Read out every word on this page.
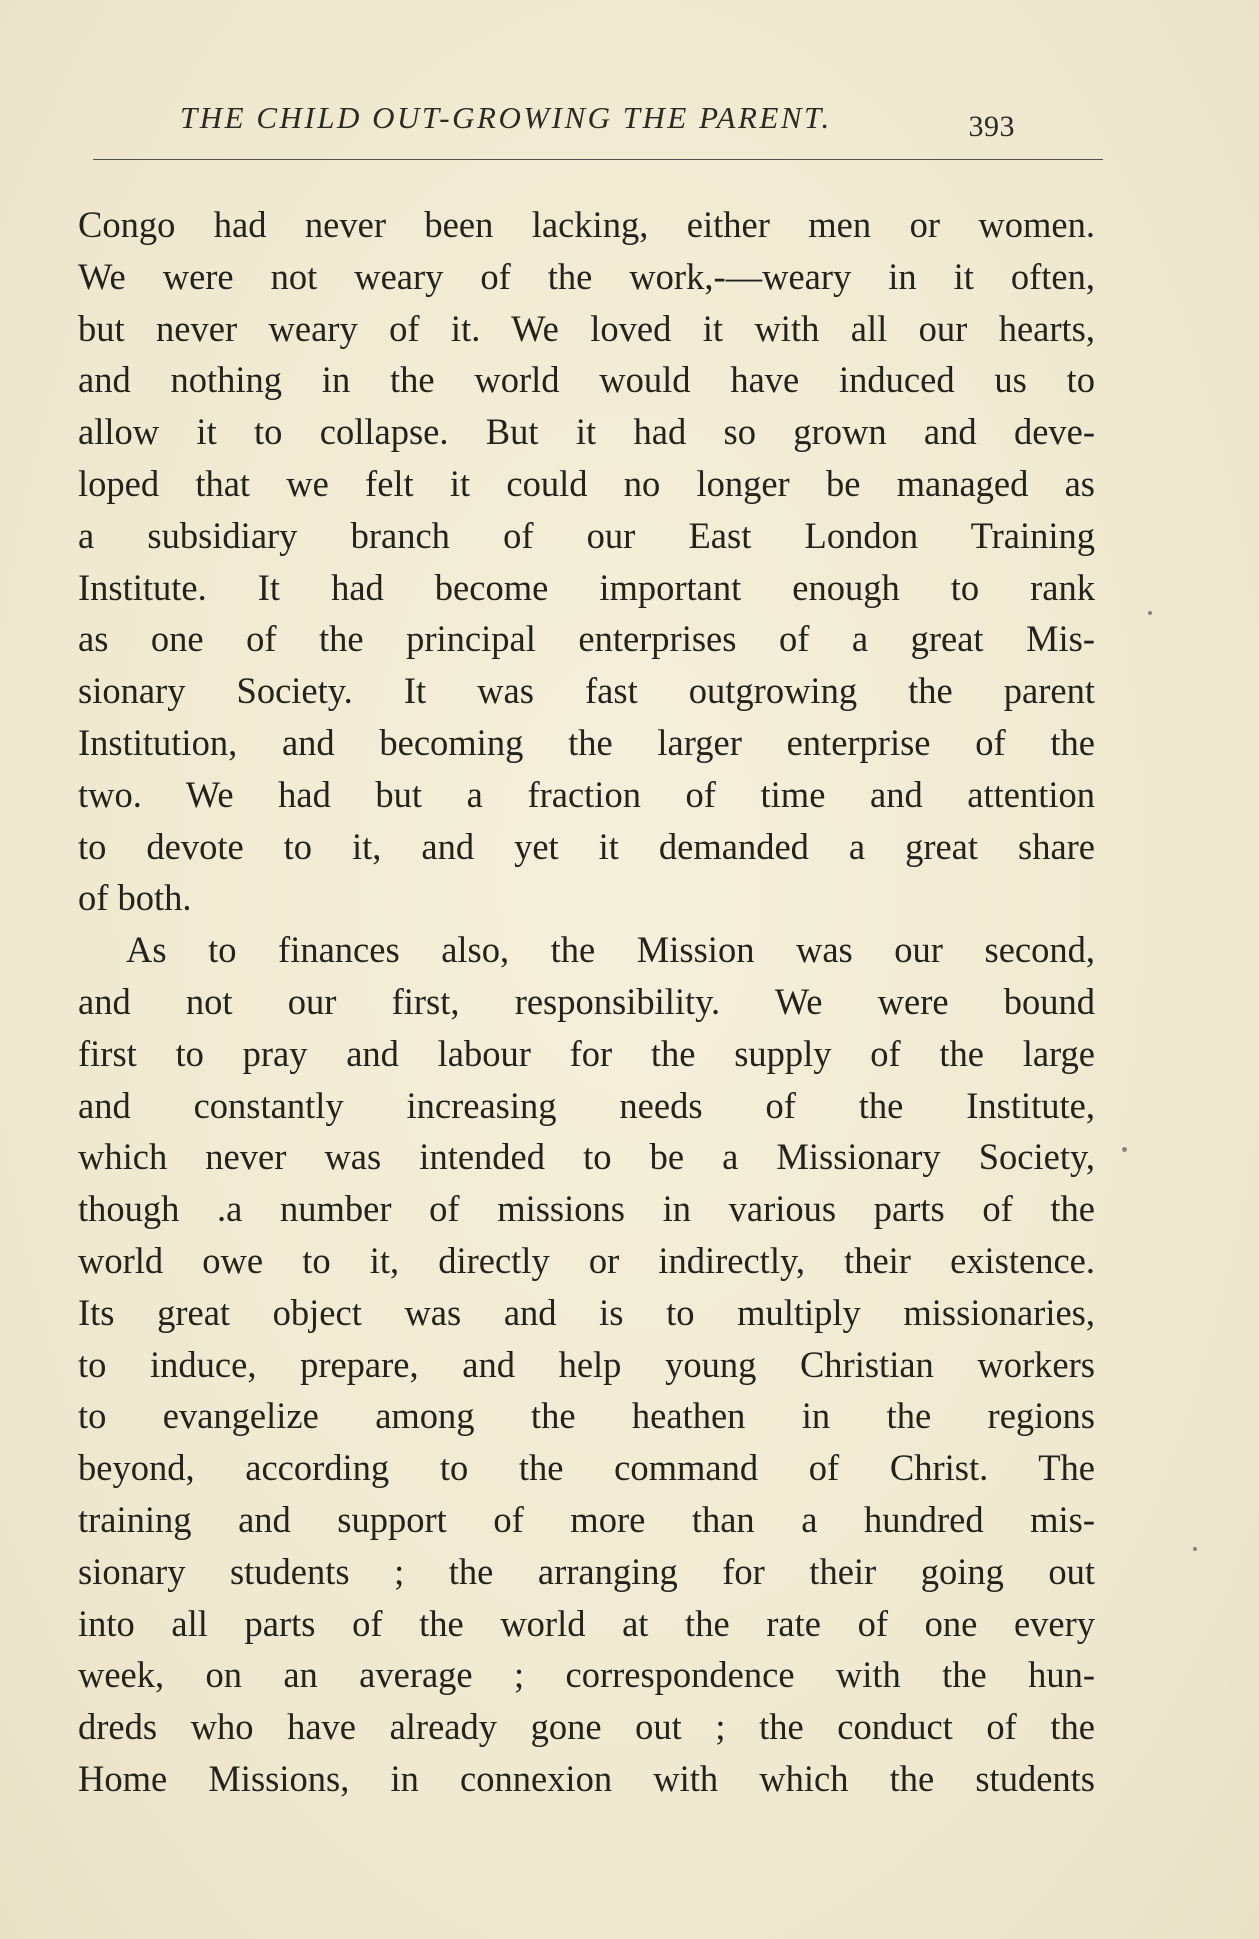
THE CHILD OUT-GROWING THE PARENT.	393
Congo had never been lacking, either men or women.
We were not weary of the work,-—weary in it often,
but never weary of it. We loved it with all our hearts,
and nothing in the world would have induced us to
allow it to collapse. But it had so grown and deve-
loped that we felt it could no longer be managed as
a subsidiary branch of our East London Training
Institute. It had become important enough to rank
as one of the principal enterprises of a great Mis-
sionary Society. It was fast outgrowing the parent
Institution, and becoming the larger enterprise of the
two. We had but a fraction of time and attention
to devote to it, and yet it demanded a great share
of both.
As to finances also, the Mission was our second,
and not our first, responsibility. We were bound
first to pray and labour for the supply of the large
and constantly increasing needs of the Institute,
which never was intended to be a Missionary Society,
though .a number of missions in various parts of the
world owe to it, directly or indirectly, their existence.
Its great object was and is to multiply missionaries,
to induce, prepare, and help young Christian workers
to evangelize among the heathen in the regions
beyond, according to the command of Christ. The
training and support of more than a hundred mis-
sionary students ; the arranging for their going out
into all parts of the world at the rate of one every
week, on an average ; correspondence with the hun-
dreds who have already gone out ; the conduct of the
Home Missions, in connexion with which the students
